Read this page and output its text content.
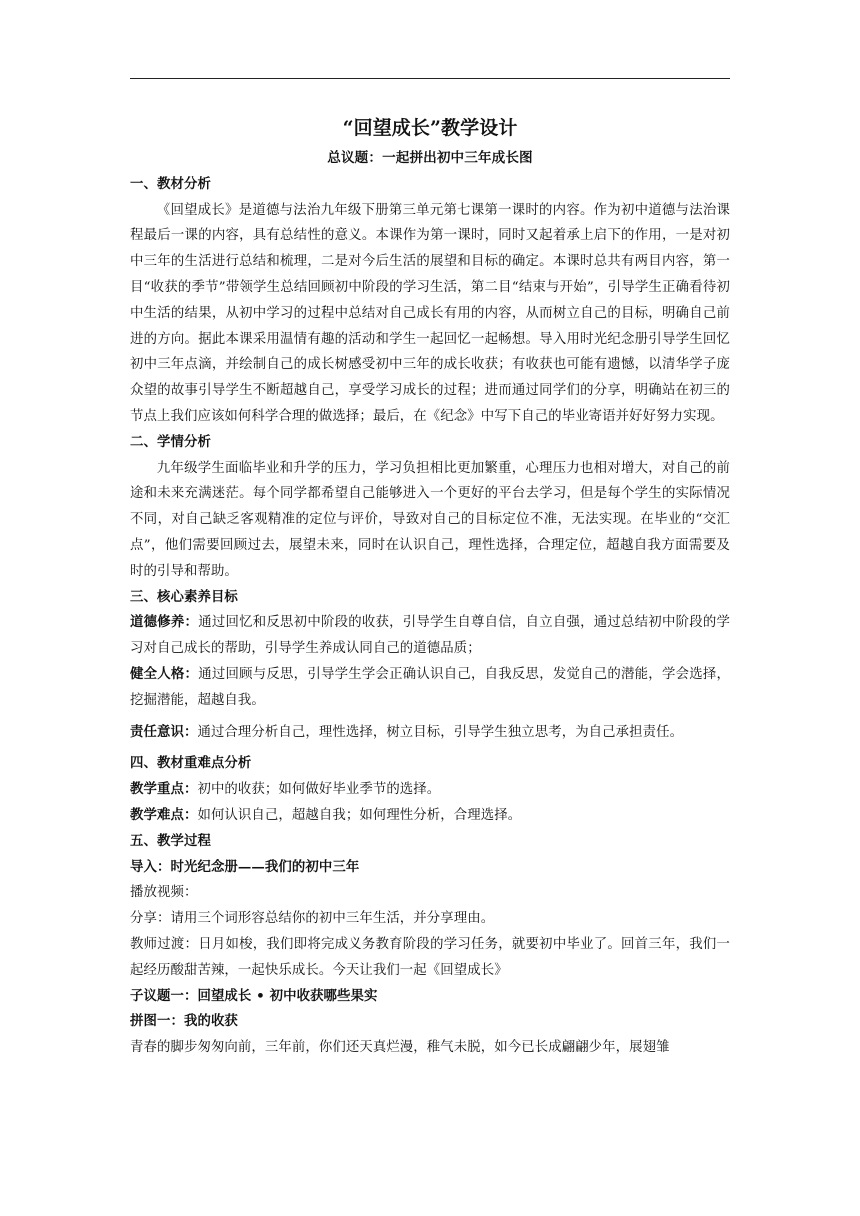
“回望成长”教学设计

总议题：一起拼出初中三年成长图

一、教材分析

《回望成长》是道德与法治九年级下册第三单元第七课第一课时的内容。作为初中道德与法治课程最后一课的内容，具有总结性的意义。本课作为第一课时，同时又起着承上启下的作用，一是对初中三年的生活进行总结和梳理，二是对今后生活的展望和目标的确定。本课时总共有两目内容，第一目“收获的季节”带领学生总结回顾初中阶段的学习生活，第二目“结束与开始”，引导学生正确看待初中生活的结果，从初中学习的过程中总结对自己成长有用的内容，从而树立自己的目标，明确自己前进的方向。据此本课采用温情有趣的活动和学生一起回忆一起畅想。导入用时光纪念册引导学生回忆初中三年点滴，并绘制自己的成长树感受初中三年的成长收获；有收获也可能有遗憾，以清华学子庞众望的故事引导学生不断超越自己，享受学习成长的过程；进而通过同学们的分享，明确站在初三的节点上我们应该如何科学合理的做选择；最后，在《纪念》中写下自己的毕业寄语并好好努力实现。

二、学情分析

九年级学生面临毕业和升学的压力，学习负担相比更加繁重，心理压力也相对增大，对自己的前途和未来充满迷茫。每个同学都希望自己能够进入一个更好的平台去学习，但是每个学生的实际情况不同，对自己缺乏客观精准的定位与评价，导致对自己的目标定位不准，无法实现。在毕业的“交汇点”，他们需要回顾过去，展望未来，同时在认识自己，理性选择，合理定位，超越自我方面需要及时的引导和帮助。

三、核心素养目标

道德修养：通过回忆和反思初中阶段的收获，引导学生自尊自信，自立自强，通过总结初中阶段的学习对自己成长的帮助，引导学生养成认同自己的道德品质；

健全人格：通过回顾与反思，引导学生学会正确认识自己，自我反思，发觉自己的潜能，学会选择，挖掘潜能，超越自我。

责任意识：通过合理分析自己，理性选择，树立目标，引导学生独立思考，为自己承担责任。

四、教材重难点分析

教学重点：初中的收获；如何做好毕业季节的选择。

教学难点：如何认识自己，超越自我；如何理性分析，合理选择。

五、教学过程

导入：时光纪念册——我们的初中三年

播放视频：

分享：请用三个词形容总结你的初中三年生活，并分享理由。

教师过渡：日月如梭，我们即将完成义务教育阶段的学习任务，就要初中毕业了。回首三年，我们一起经历酸甜苦辣，一起快乐成长。今天让我们一起《回望成长》

子议题一：回望成长 • 初中收获哪些果实

拼图一：我的收获

青春的脚步匆匆向前，三年前，你们还天真烂漫，稚气未脱，如今已长成翩翩少年，展翅雏
